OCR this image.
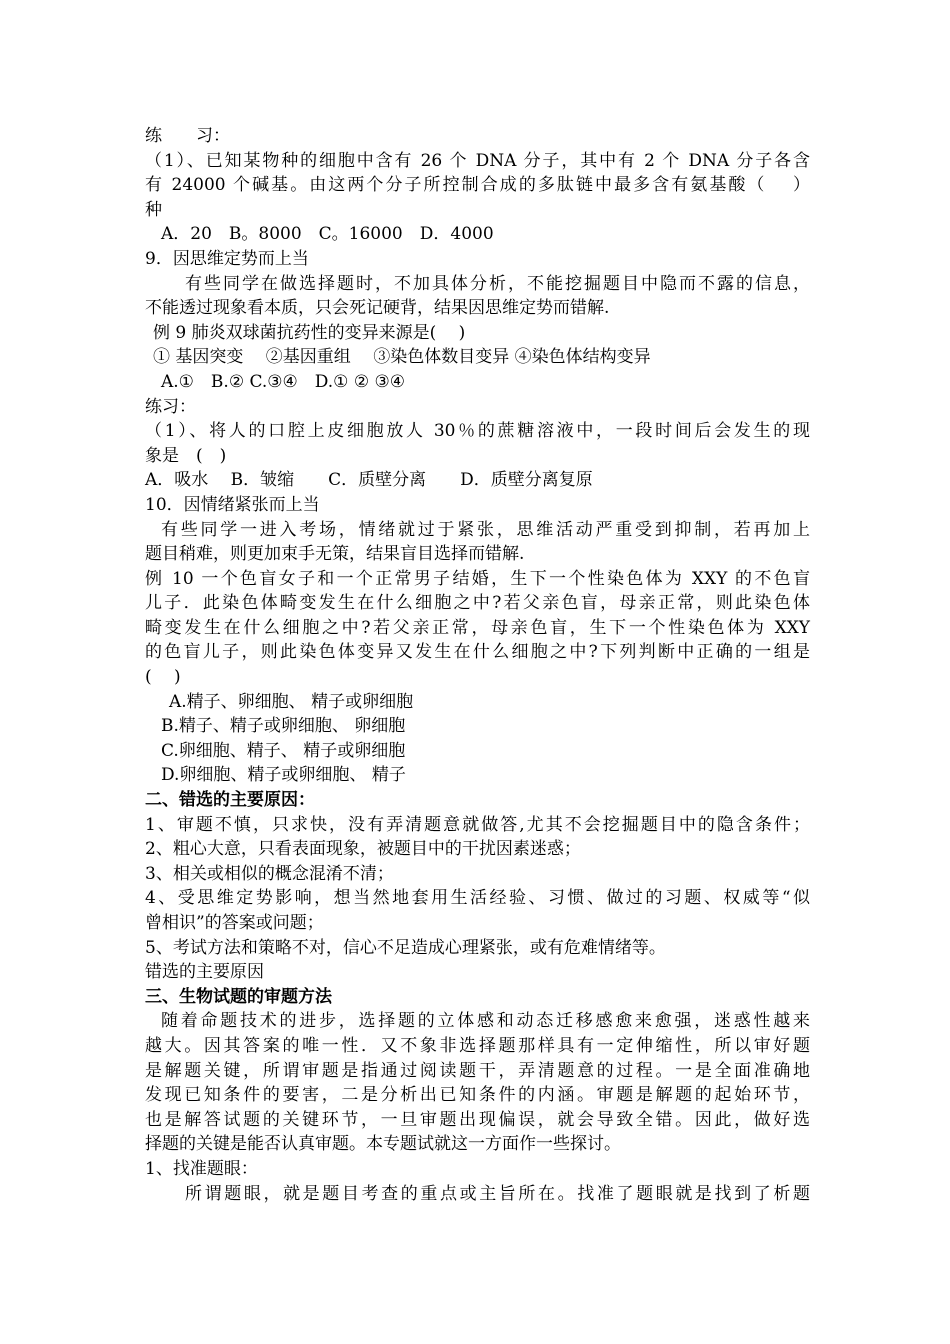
练　　习：
（1）、已知某物种的细胞中含有 26 个 DNA 分子，其中有 2 个 DNA 分子各含
有 24000 个碱基。由这两个分子所控制合成的多肽链中最多含有氨基酸（　 ）
种
A．20　B。8000　C。16000　D．4000
9．因思维定势而上当
有些同学在做选择题时，不加具体分析，不能挖掘题目中隐而不露的信息，
不能透过现象看本质，只会死记硬背，结果因思维定势而错解.
例 9 肺炎双球菌抗药性的变异来源是(　 )
① 基因突变　 ②基因重组　 ③染色体数目变异 ④染色体结构变异
A.①　B.② C.③④　D.① ② ③④
练习：
（1）、将人的口腔上皮细胞放人 30％的蔗糖溶液中，一段时间后会发生的现
象是　(　)
A．吸水　 B．皱缩　　C．质壁分离　　D．质壁分离复原
10．因情绪紧张而上当
有些同学一进入考场，情绪就过于紧张，思维活动严重受到抑制，若再加上
题目稍难，则更加束手无策，结果盲目选择而错解.
例 10 一个色盲女子和一个正常男子结婚，生下一个性染色体为 XXY 的不色盲
儿子．此染色体畸变发生在什么细胞之中?若父亲色盲，母亲正常，则此染色体
畸变发生在什么细胞之中?若父亲正常，母亲色盲，生下一个性染色体为 XXY
的色盲儿子，则此染色体变异又发生在什么细胞之中?下列判断中正确的一组是
(　 )
A.精子、卵细胞、 精子或卵细胞
B.精子、精子或卵细胞、 卵细胞
C.卵细胞、精子、 精子或卵细胞
D.卵细胞、精子或卵细胞、 精子
二、错选的主要原因：
1、审题不慎，只求快，没有弄清题意就做答,尤其不会挖掘题目中的隐含条件；
2、粗心大意，只看表面现象，被题目中的干扰因素迷惑；
3、相关或相似的概念混淆不清；
4、受思维定势影响，想当然地套用生活经验、习惯、做过的习题、权威等“似
曾相识”的答案或问题；
5、考试方法和策略不对，信心不足造成心理紧张，或有危难情绪等。
错选的主要原因
三、生物试题的审题方法
随着命题技术的进步，选择题的立体感和动态迁移感愈来愈强，迷惑性越来
越大。因其答案的唯一性．又不象非选择题那样具有一定伸缩性，所以审好题
是解题关键，所谓审题是指通过阅读题干，弄清题意的过程。一是全面准确地
发现已知条件的要害，二是分析出已知条件的内涵。审题是解题的起始环节，
也是解答试题的关键环节，一旦审题出现偏误，就会导致全错。因此，做好选
择题的关键是能否认真审题。本专题试就这一方面作一些探讨。
1、找准题眼：
所谓题眼，就是题目考查的重点或主旨所在。找准了题眼就是找到了析题
